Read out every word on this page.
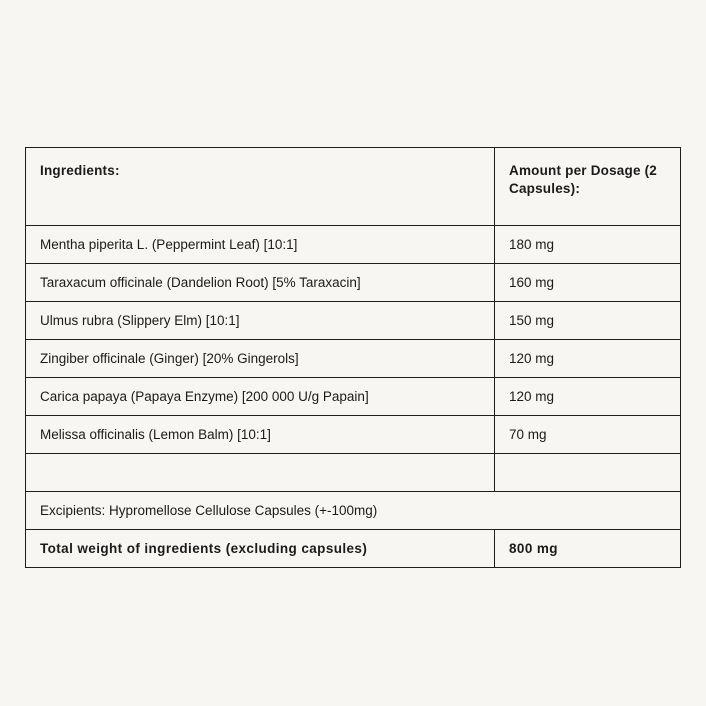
Ingredients:	Amount per Dosage (2 Capsules):
Mentha piperita L. (Peppermint Leaf) [10:1]	180 mg
Taraxacum officinale (Dandelion Root) [5% Taraxacin]	160 mg
Ulmus rubra (Slippery Elm) [10:1]	150 mg
Zingiber officinale (Ginger) [20% Gingerols]	120 mg
Carica papaya (Papaya Enzyme) [200 000 U/g Papain]	120 mg
Melissa officinalis (Lemon Balm) [10:1]	70 mg

Excipients: Hypromellose Cellulose Capsules (+-100mg)	
Total weight of ingredients (excluding capsules)	800 mg
